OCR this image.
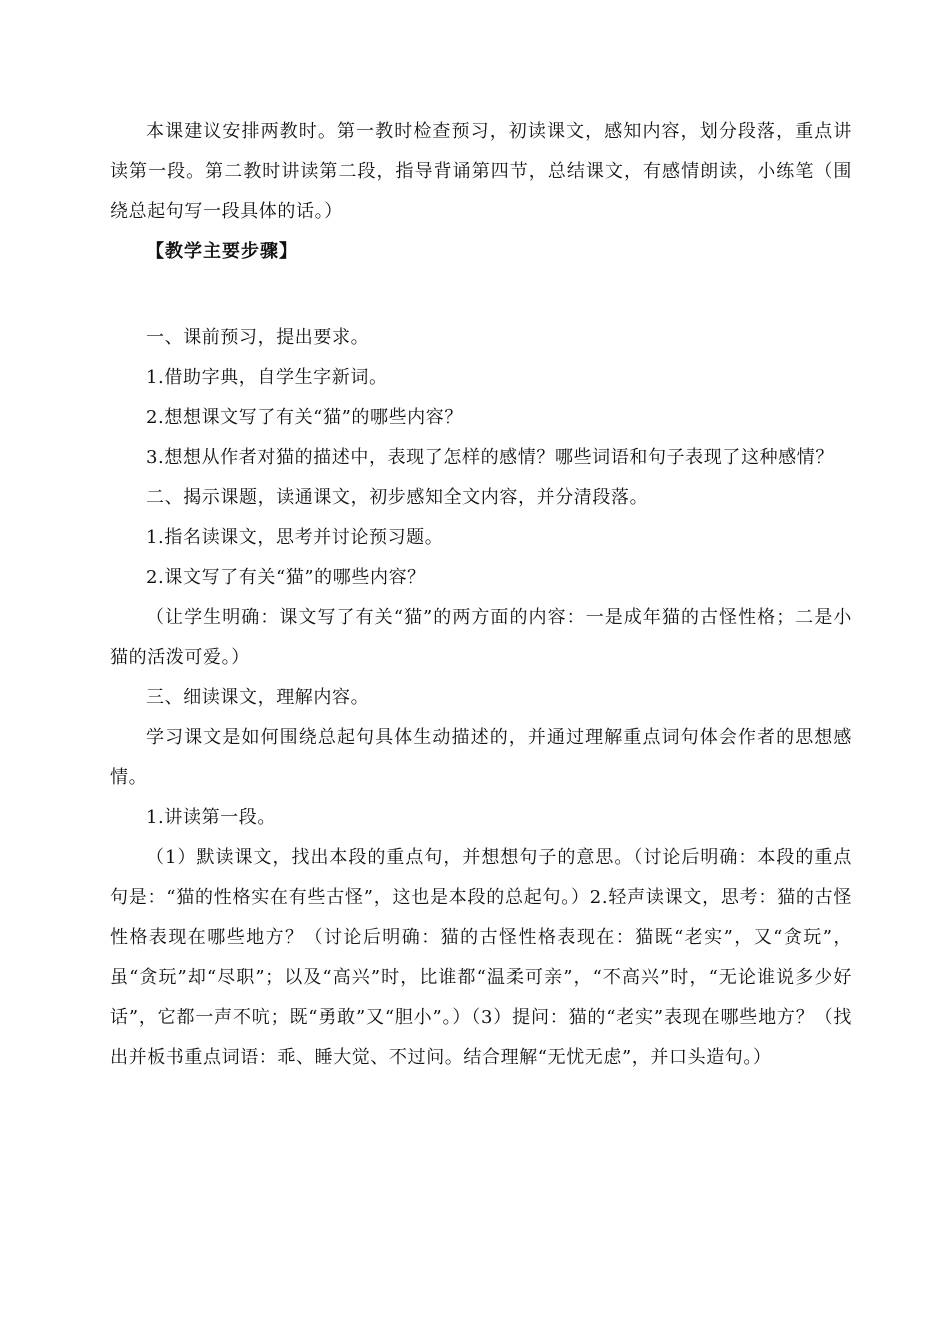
本课建议安排两教时。第一教时检查预习，初读课文，感知内容，划分段落，重点讲读第一段。第二教时讲读第二段，指导背诵第四节，总结课文，有感情朗读，小练笔（围绕总起句写一段具体的话。）

【教学主要步骤】

一、课前预习，提出要求。

1.借助字典，自学生字新词。

2.想想课文写了有关“猫”的哪些内容？

3.想想从作者对猫的描述中，表现了怎样的感情？哪些词语和句子表现了这种感情？

二、揭示课题，读通课文，初步感知全文内容，并分清段落。

1.指名读课文，思考并讨论预习题。

2.课文写了有关“猫”的哪些内容？

（让学生明确：课文写了有关“猫”的两方面的内容：一是成年猫的古怪性格；二是小猫的活泼可爱。）

三、细读课文，理解内容。

学习课文是如何围绕总起句具体生动描述的，并通过理解重点词句体会作者的思想感情。

1.讲读第一段。

（1）默读课文，找出本段的重点句，并想想句子的意思。（讨论后明确：本段的重点句是：“猫的性格实在有些古怪”，这也是本段的总起句。）2.轻声读课文，思考：猫的古怪性格表现在哪些地方？（讨论后明确：猫的古怪性格表现在：猫既“老实”，又“贪玩”，虽“贪玩”却“尽职”；以及“高兴”时，比谁都“温柔可亲”，“不高兴”时，“无论谁说多少好话”，它都一声不吭；既“勇敢”又“胆小”。）（3）提问：猫的“老实”表现在哪些地方？（找出并板书重点词语：乖、睡大觉、不过问。结合理解“无忧无虑”，并口头造句。）
